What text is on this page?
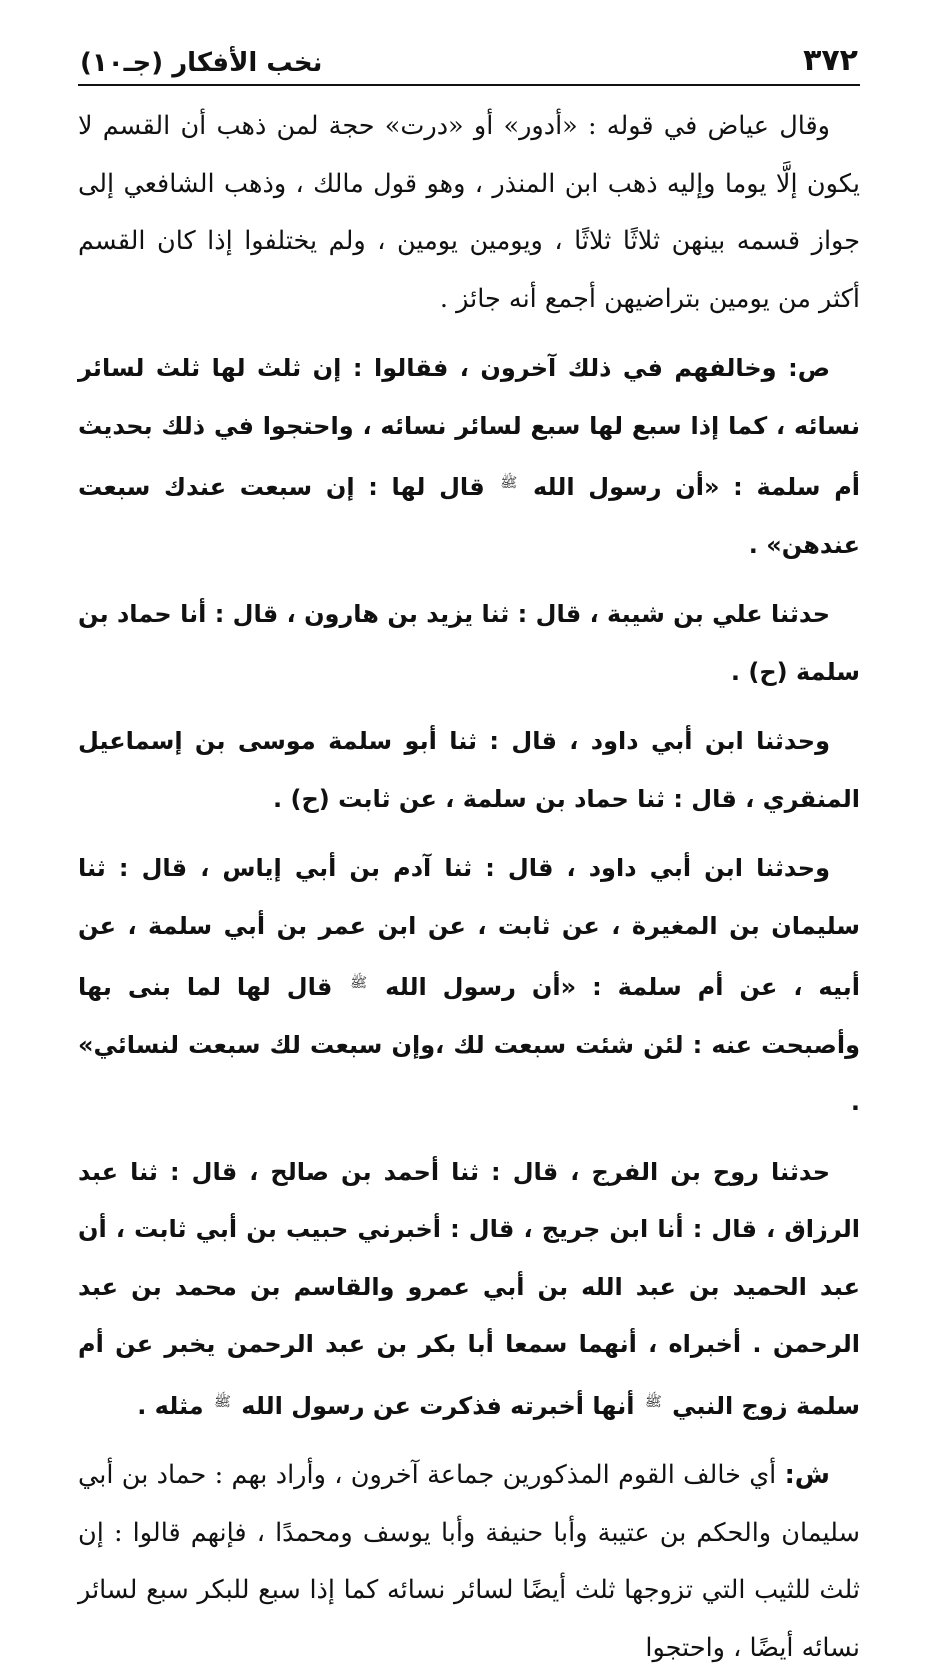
٣٧٢
نخب الأفكار (جـ١٠)

وقال عياض في قوله : «أدور» أو «درت» حجة لمن ذهب أن القسم لا يكون إلَّا يوما وإليه ذهب ابن المنذر ، وهو قول مالك ، وذهب الشافعي إلى جواز قسمه بينهن ثلاثًا ثلاثًا ، ويومين يومين ، ولم يختلفوا إذا كان القسم أكثر من يومين بتراضيهن أجمع أنه جائز .

ص: وخالفهم في ذلك آخرون ، فقالوا : إن ثلث لها ثلث لسائر نسائه ، كما إذا سبع لها سبع لسائر نسائه ، واحتجوا في ذلك بحديث أم سلمة : «أن رسول الله $^ﷺ$ قال لها : إن سبعت عندك سبعت عندهن» .

حدثنا علي بن شيبة ، قال : ثنا يزيد بن هارون ، قال : أنا حماد بن سلمة (ح) .

وحدثنا ابن أبي داود ، قال : ثنا أبو سلمة موسى بن إسماعيل المنقري ، قال : ثنا حماد بن سلمة ، عن ثابت (ح) .

وحدثنا ابن أبي داود ، قال : ثنا آدم بن أبي إياس ، قال : ثنا سليمان بن المغيرة ، عن ثابت ، عن ابن عمر بن أبي سلمة ، عن أبيه ، عن أم سلمة : «أن رسول الله $^ﷺ$ قال لها لما بنى بها وأصبحت عنه : لئن شئت سبعت لك ،وإن سبعت لك سبعت لنسائي» .

حدثنا روح بن الفرج ، قال : ثنا أحمد بن صالح ، قال : ثنا عبد الرزاق ، قال : أنا ابن جريج ، قال : أخبرني حبيب بن أبي ثابت ، أن عبد الحميد بن عبد الله بن أبي عمرو والقاسم بن محمد بن عبد الرحمن . أخبراه ، أنهما سمعا أبا بكر بن عبد الرحمن يخبر عن أم سلمة زوج النبي $^ﷺ$ أنها أخبرته فذكرت عن رسول الله $^ﷺ$ مثله .

ش: أي خالف القوم المذكورين جماعة آخرون ، وأراد بهم : حماد بن أبي سليمان والحكم بن عتيبة وأبا حنيفة وأبا يوسف ومحمدًا ، فإنهم قالوا : إن ثلث للثيب التي تزوجها ثلث أيضًا لسائر نسائه كما إذا سبع للبكر سبع لسائر نسائه أيضًا ، واحتجوا
